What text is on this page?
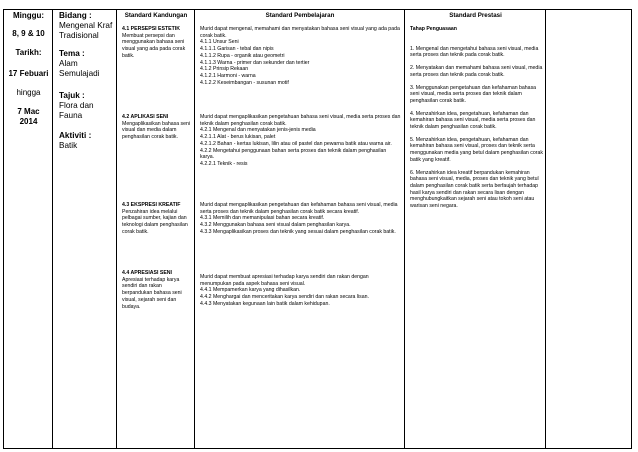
Minggu:
8, 9 & 10
Tarikh:
17 Febuari
hingga
7 Mac 2014
Bidang :
Mengenal Kraf Tradisional
Tema :
Alam Semulajadi
Tajuk :
Flora dan Fauna
Aktiviti :
Batik
Standard Kandungan
4.1 PERSEPSI ESTETIK
Membuat persepsi dan menggunakan bahasa seni visual yang ada pada corak batik.
4.2 APLIKASI SENI
Mengaplikasikan bahasa seni visual dan media dalam penghasilan corak batik.
4.3 EKSPRESI KREATIF
Penzahiran idea melalui pelbagai sumber, kajian dan teknologi dalam penghasilan corak batik.
4.4 APRESIASI SENI
Apresiasi terhadap karya sendiri dan rakan berpandukan bahasa seni visual, sejarah seni dan budaya.
Standard Pembelajaran
Murid dapat mengenal, memahami dan menyatakan bahasa seni visual yang ada pada corak batik.
4.1.1 Unsur Seni
4.1.1.1 Garisan - tebal dan nipis
4.1.1.2 Rupa - organik atau geometri
4.1.1.3 Warna - primer dan sekunder dan tertier
4.1.2 Prinsip Rekaan
4.1.2.1 Harmoni - warna
4.1.2.2 Keseimbangan - susunan motif
Murid dapat mengaplikasikan pengetahuan bahasa seni visual, media serta proses dan teknik dalam penghasilan corak batik.
4.2.1 Mengenal dan menyatakan jenis-jenis media
4.2.1.1 Alat - berus lukisan, palet
4.2.1.2 Bahan - kertas lukisan, lilin atau oil pastel dan pewarna batik atau warna air.
4.2.2 Mengetahui penggunaan bahan serta proses dan teknik dalam penghasilan karya.
4.2.2.1 Teknik - resis
Murid dapat mengaplikasikan pengetahuan dan kefahaman bahasa seni visual, media serta proses dan teknik dalam penghasilan corak batik secara kreatif.
4.3.1 Memilih dan memanipulasi bahan secara kreatif.
4.3.2 Menggunakan bahasa seni visual dalam penghasilan karya.
4.3.3 Mengaplikasikan proses dan teknik yang sesuai dalam penghasilan corak batik.
Murid dapat membuat apresiasi terhadap karya sendiri dan rakan dengan menumpukan pada aspek bahasa seni visual.
4.4.1 Mempamerkan karya yang dihasilkan.
4.4.2 Menghargai dan menceritakan karya sendiri dan rakan secara lisan.
4.4.3 Menyatakan kegunaan lain batik dalam kehidupan.
Standard Prestasi
Tahap Penguasaan
1. Mengenal dan mengetahui bahasa seni visual, media serta proses dan teknik pada corak batik.
2. Menyatakan dan memahami bahasa seni visual, media serta proses dan teknik pada corak batik.
3. Menggunakan pengetahuan dan kefahaman bahasa seni visual, media serta proses dan teknik dalam penghasilan corak batik.
4. Menzahirkan idea, pengetahuan, kefahaman dan kemahiran bahasa seni visual, media serta proses dan teknik dalam penghasilan corak batik.
5. Menzahirkan idea, pengetahuan, kefahaman dan kemahiran bahasa seni visual, proses dan teknik serta menggunakan media yang betul dalam penghasilan corak batik yang kreatif.
6. Menzahirkan idea kreatif berpandukan kemahiran bahasa seni visual, media, proses dan teknik yang betul dalam penghasilan corak batik serta berfaujah terhadap hasil karya sendiri dan rakan secara lisan dengan menghubungkaitkan sejarah seni atau tokoh seni atau warisan seni negara.
